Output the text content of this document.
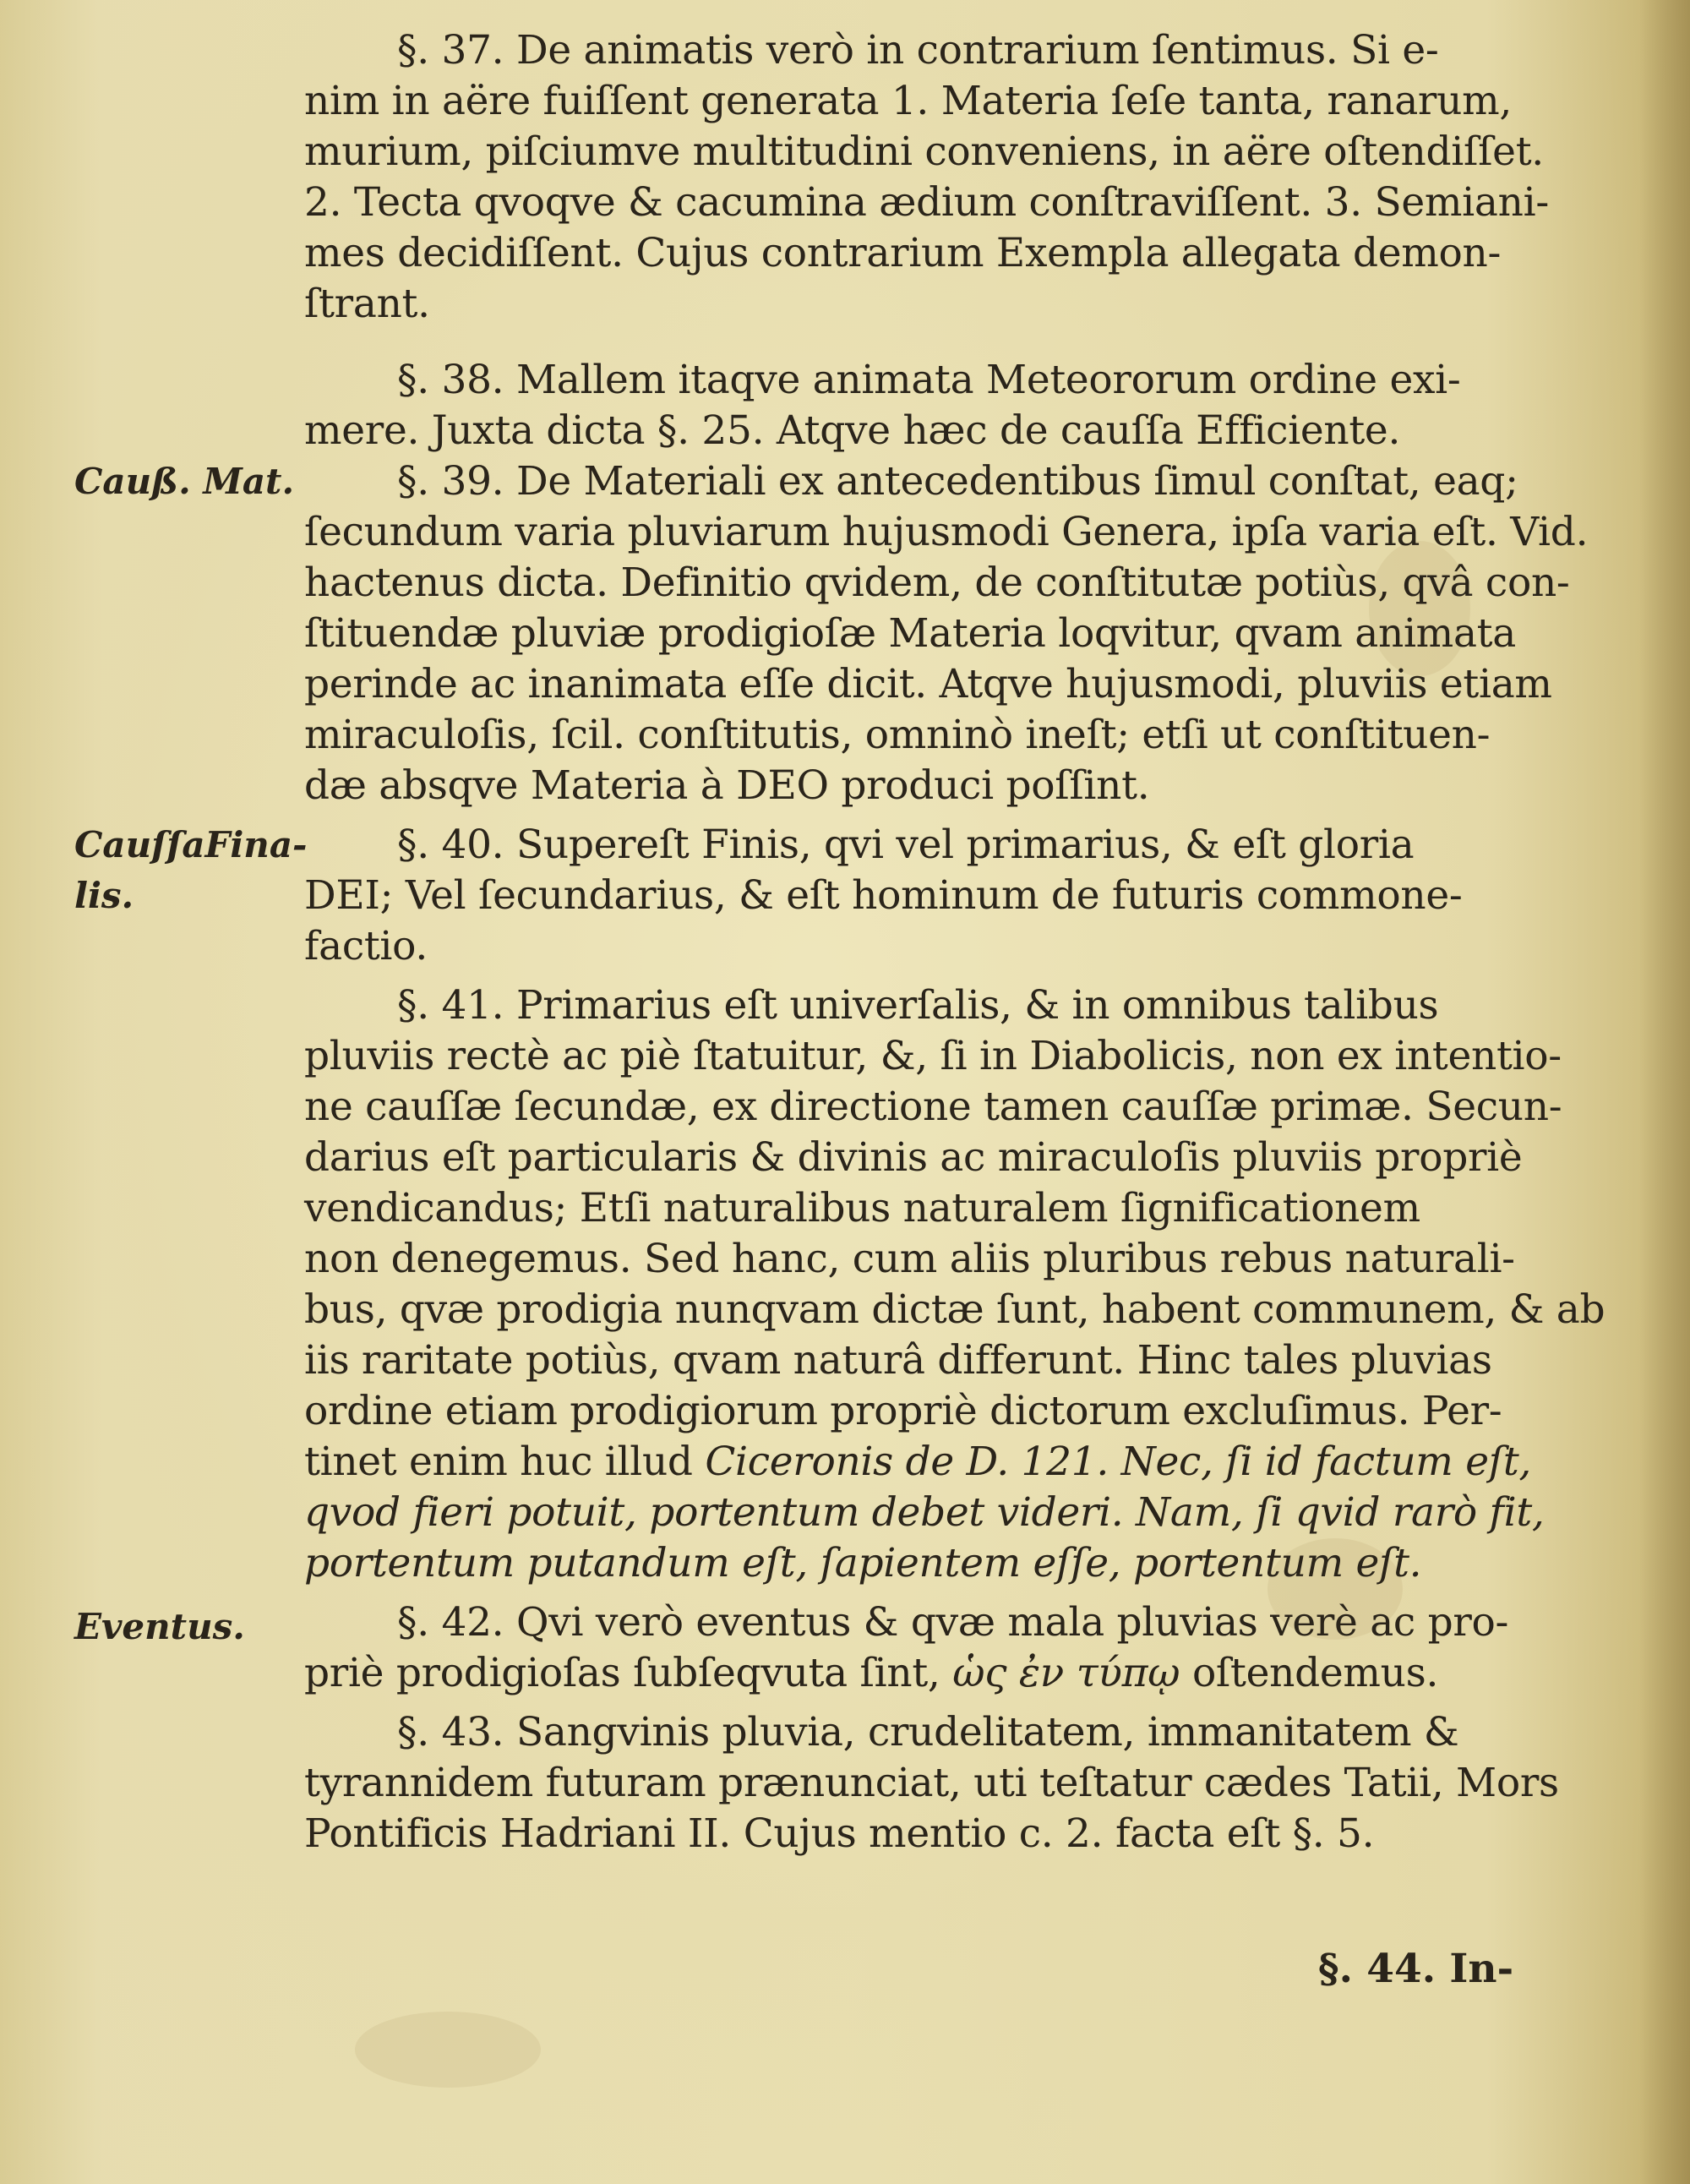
Cauß. Mat.
CauſſaFina-
lis.
Eventus.
§. 37. De animatis verò in contrarium ſentimus. Si e-
nim in aëre fuiſſent generata 1. Materia ſeſe tanta, ranarum,
murium, piſciumve multitudini conveniens, in aëre oſtendiſſet.
2. Tecta qvoqve & cacumina ædium conſtraviſſent. 3. Semiani-
mes decidiſſent. Cujus contrarium Exempla allegata demon-
ſtrant.
§. 38. Mallem itaqve animata Meteororum ordine exi-
mere. Juxta dicta §. 25. Atqve hæc de cauſſa Efficiente.
§. 39. De Materiali ex antecedentibus ſimul conſtat, eaq;
ſecundum varia pluviarum hujusmodi Genera, ipſa varia eſt. Vid.
hactenus dicta. Definitio qvidem, de conſtitutæ potiùs, qvâ con-
ſtituendæ pluviæ prodigioſæ Materia loqvitur, qvam animata
perinde ac inanimata eſſe dicit. Atqve hujusmodi, pluviis etiam
miraculoſis, ſcil. conſtitutis, omninò ineſt; etſi ut conſtituen-
dæ absqve Materia à DEO produci poſſint.
§. 40. Supereſt Finis, qvi vel primarius, & eſt gloria
DEI; Vel ſecundarius, & eſt hominum de futuris commone-
factio.
§. 41. Primarius eſt univerſalis, & in omnibus talibus
pluviis rectè ac piè ſtatuitur, &, ſi in Diabolicis, non ex intentio-
ne cauſſæ ſecundæ, ex directione tamen cauſſæ primæ. Secun-
darius eſt particularis & divinis ac miraculoſis pluviis propriè
vendicandus; Etſi naturalibus naturalem ſignificationem
non denegemus. Sed hanc, cum aliis pluribus rebus naturali-
bus, qvæ prodigia nunqvam dictæ ſunt, habent communem, & ab
iis raritate potiùs, qvam naturâ differunt. Hinc tales pluvias
ordine etiam prodigiorum propriè dictorum excluſimus. Per-
tinet enim huc illud Ciceronis de D. 121. Nec, ſi id factum eſt,
qvod fieri potuit, portentum debet videri. Nam, ſi qvid rarò fit,
portentum putandum eſt, ſapientem eſſe, portentum eſt.
§. 42. Qvi verò eventus & qvæ mala pluvias verè ac pro-
priè prodigioſas ſubſeqvuta ſint, ὡς ἐν τύπῳ oſtendemus.
§. 43. Sangvinis pluvia, crudelitatem, immanitatem &
tyrannidem futuram prænunciat, uti teſtatur cædes Tatii, Mors
Pontificis Hadriani II. Cujus mentio c. 2. facta eſt §. 5.
§. 44. In-
